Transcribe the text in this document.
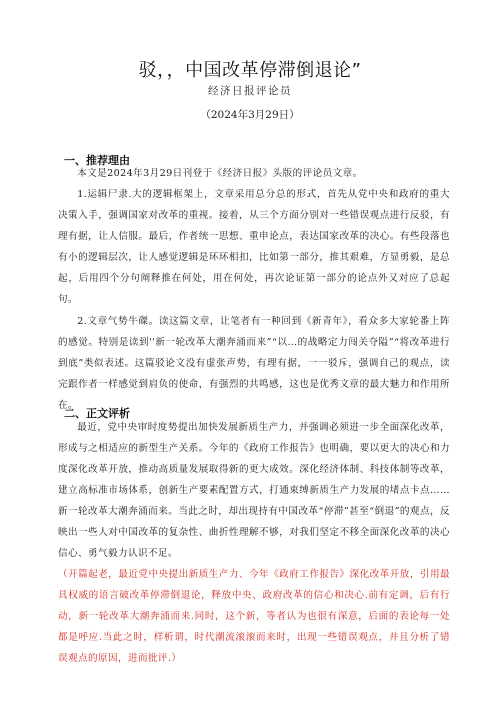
驳，，中国改革停滞倒退论”
经济日报评论员
（2024年3月29日）
一、推荐理由
本文是2024年3月29日刊登于《经济日报》头版的评论员文章。
1.运辑尸隶.大的逻辑框架上，文章采用总分总的形式，首先从党中央和政府的重大决策入手，强调国家对改革的重视。接着，从三个方面分别对一些错误观点进行反驳，有理有据，让人信服。最后，作者统一思想、重申论点，表达国家改革的决心。有些段落也有小的逻辑层次，让人感觉逻辑是环环相扣，比如第一部分，推其艰难，方显勇毅，是总起，后用四个分句阐释推在何处，用在何处，再次论证第一部分的论点外又对应了总起句。
2.文章气势牛磔。读这篇文章，让笔者有一种回到《新青年》，看众多大家轮番上阵的感觉。特别是读到''新一轮改革大潮奔涌而来”“以…的战略定力闯关夺隘”“将改革进行到底”类似表述。这篇驳论文没有虚张声势，有理有据，一一驳斥，强调自己的观点，读完跟作者一样感觉到肩负的使命，有强烈的共鸣感，这也是优秀文章的最大魅力和作用所在。
二、正文评析
最近，党中央审时度势提出加快发展新质生产力，并强调必须进一步全面深化改革，形成与之相适应的新型生产关系。今年的《政府工作报告》也明确，要以更大的决心和力度深化改革开放，推动高质量发展取得新的更大成效。深化经济体制、科技体制等改革，建立高标准市场体系，创新生产要素配置方式，打通束缚新质生产力发展的堵点卡点……新一轮改革大潮奔涌而来。当此之时，却出现持有中国改革“停滞”甚至“倒退”的观点，反映出一些人对中国改革的复杂性、曲折性理解不够，对我们坚定不移全面深化改革的决心信心、勇气毅力认识不足。
（开篇起老，最近党中央提出新质生产力、今年《政府工作报告》深化改革开放，引用最具权威的语言破改革停滞倒退论，释放中央、政府改革的信心和决心.前有定调，后有行动，新一轮改革大潮奔涌而来.同时，这个新，等者认为也很有深意，后面的表论每一处都是呼应.当此之时，样析谓，时代潮流滚滚而来时，出现一些错误观点，并且分析了错误观点的原因，进而批评.）
